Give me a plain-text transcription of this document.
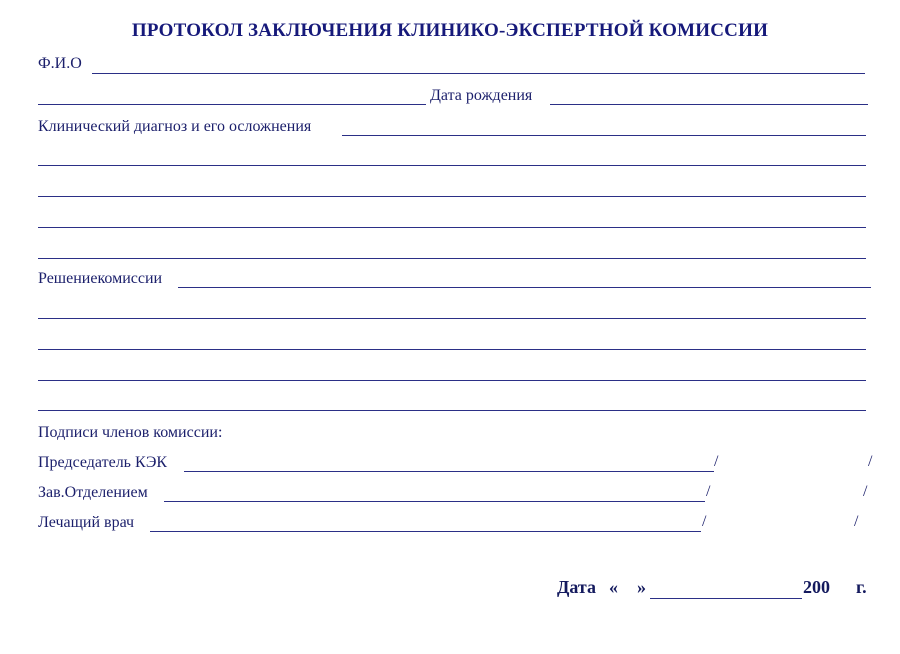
ПРОТОКОЛ ЗАКЛЮЧЕНИЯ КЛИНИКО-ЭКСПЕРТНОЙ КОМИССИИ
Ф.И.О
Дата рождения
Клинический диагноз и его осложнения
Решениекомиссии
Подписи членов комиссии:
Председатель КЭК	/	/
Зав.Отделением	/	/
Лечащий врач	/	/
Дата « »	200 г.
